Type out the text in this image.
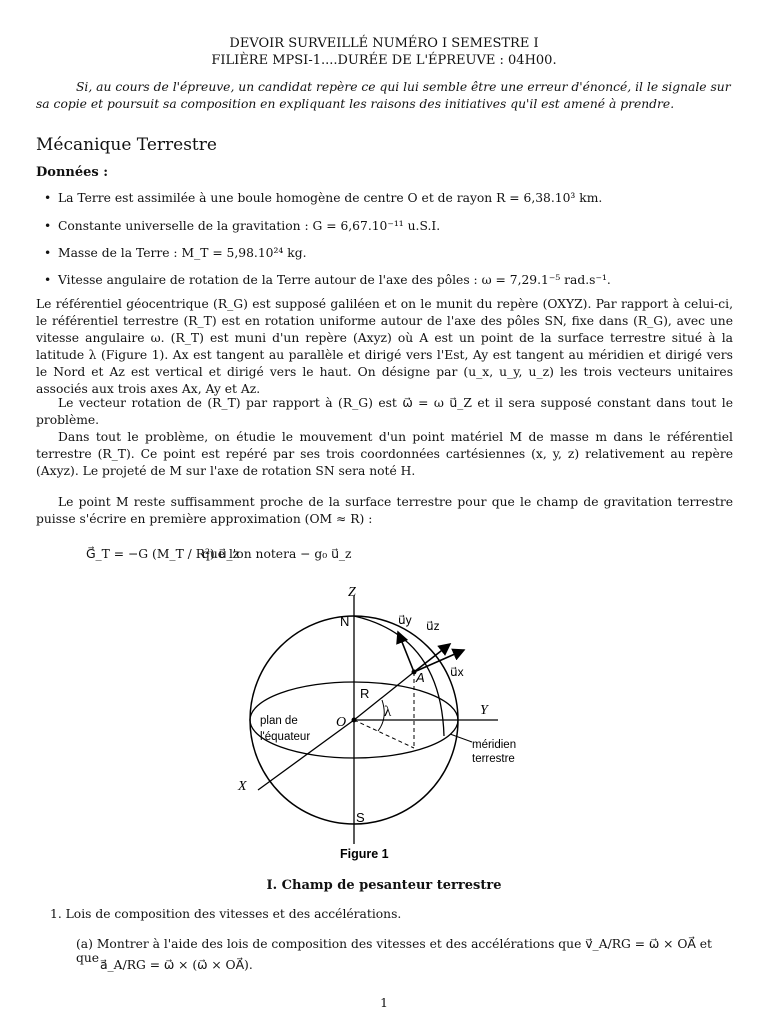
DEVOIR SURVEILLÉ NUMÉRO I SEMESTRE I
FILIÈRE MPSI-1....DURÉE DE L'ÉPREUVE : 04H00.
Si, au cours de l'épreuve, un candidat repère ce qui lui semble être une erreur d'énoncé, il le signale sur sa copie et poursuit sa composition en expliquant les raisons des initiatives qu'il est amené à prendre.
Mécanique Terrestre
Données :
• La Terre est assimilée à une boule homogène de centre O et de rayon R = 6,38.10³ km.
• Constante universelle de la gravitation : G = 6,67.10⁻¹¹ u.S.I.
• Masse de la Terre : M_T = 5,98.10²⁴ kg.
• Vitesse angulaire de rotation de la Terre autour de l'axe des pôles : ω = 7,29.1⁻⁵ rad.s⁻¹.
Le référentiel géocentrique (R_G) est supposé galiléen et on le munit du repère (OXYZ). Par rapport à celui-ci, le référentiel terrestre (R_T) est en rotation uniforme autour de l'axe des pôles SN, fixe dans (R_G), avec une vitesse angulaire ω. (R_T) est muni d'un repère (Axyz) où A est un point de la surface terrestre situé à la latitude λ (Figure 1). Ax est tangent au parallèle et dirigé vers l'Est, Ay est tangent au méridien et dirigé vers le Nord et Az est vertical et dirigé vers le haut. On désigne par (u_x, u_y, u_z) les trois vecteurs unitaires associés aux trois axes Ax, Ay et Az.
Le vecteur rotation de (R_T) par rapport à (R_G) est ω⃗ = ω u⃗_Z et il sera supposé constant dans tout le problème.
Dans tout le problème, on étudie le mouvement d'un point matériel M de masse m dans le référentiel terrestre (R_T). Ce point est repéré par ses trois coordonnées cartésiennes (x, y, z) relativement au repère (Axyz). Le projeté de M sur l'axe de rotation SN sera noté H.
Le point M reste suffisamment proche de la surface terrestre pour que le champ de gravitation terrestre puisse s'écrire en première approximation (OM ≈ R) :
G⃗_T = −G (M_T / R²) u⃗_z
que l'on notera − g₀ u⃗_z
Z
N
S
X
Y
O
R
A
λ
u⃗y u⃗z
u⃗x
plan de
l'équateur
méridien
terrestre
Figure 1
I. Champ de pesanteur terrestre
1. Lois de composition des vitesses et des accélérations.
(a) Montrer à l'aide des lois de composition des vitesses et des accélérations que v⃗_A/RG = ω⃗ × OA⃗ et que a⃗_A/RG = ω⃗ × (ω⃗ × OA⃗).
1
